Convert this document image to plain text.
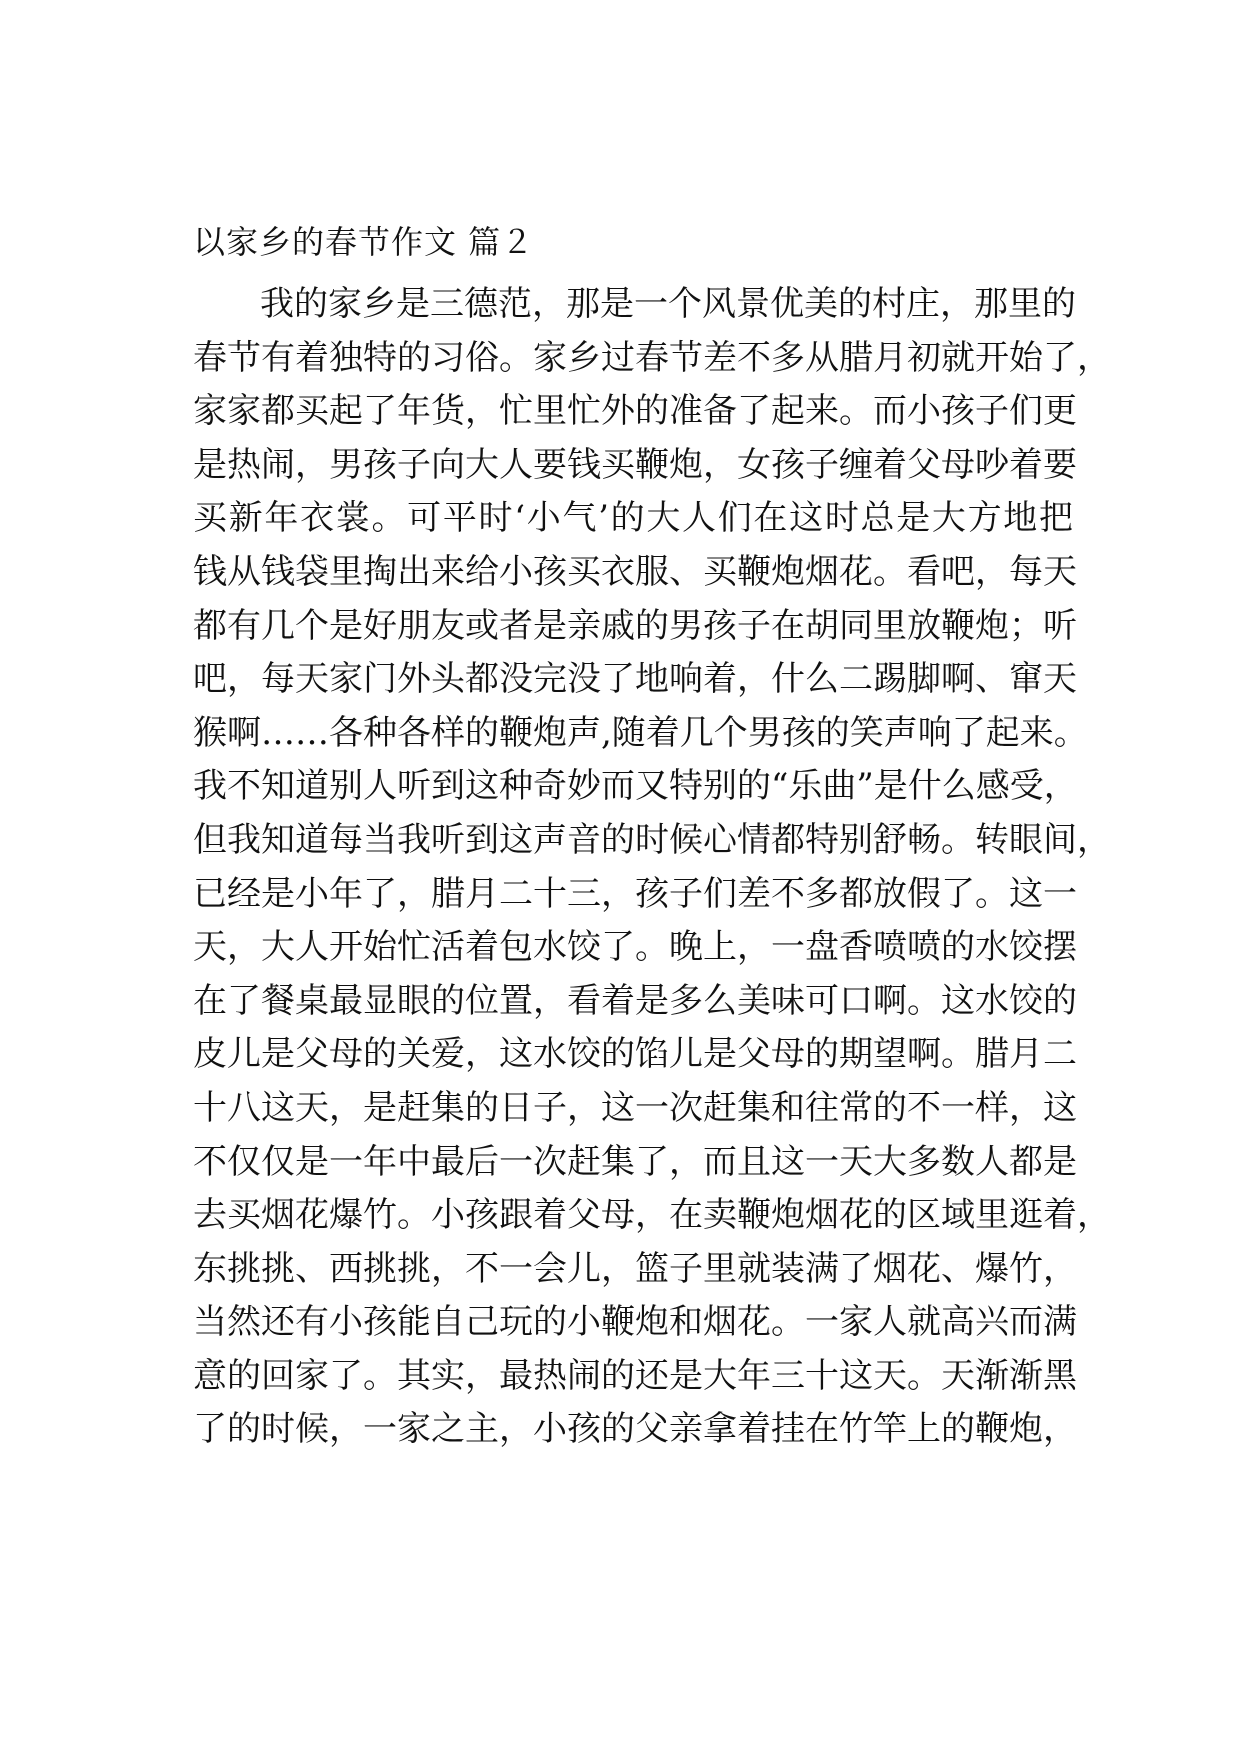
以家乡的春节作文 篇２
我的家乡是三德范，那是一个风景优美的村庄，那里的
春节有着独特的习俗。家乡过春节差不多从腊月初就开始了，
家家都买起了年货，忙里忙外的准备了起来。而小孩子们更
是热闹，男孩子向大人要钱买鞭炮，女孩子缠着父母吵着要
买新年衣裳。可平时‘小气’的大人们在这时总是大方地把
钱从钱袋里掏出来给小孩买衣服、买鞭炮烟花。看吧，每天
都有几个是好朋友或者是亲戚的男孩子在胡同里放鞭炮；听
吧，每天家门外头都没完没了地响着，什么二踢脚啊、窜天
猴啊……各种各样的鞭炮声,随着几个男孩的笑声响了起来。
我不知道别人听到这种奇妙而又特别的“乐曲”是什么感受，
但我知道每当我听到这声音的时候心情都特别舒畅。转眼间，
已经是小年了，腊月二十三，孩子们差不多都放假了。这一
天，大人开始忙活着包水饺了。晚上，一盘香喷喷的水饺摆
在了餐桌最显眼的位置，看着是多么美味可口啊。这水饺的
皮儿是父母的关爱，这水饺的馅儿是父母的期望啊。腊月二
十八这天，是赶集的日子，这一次赶集和往常的不一样，这
不仅仅是一年中最后一次赶集了，而且这一天大多数人都是
去买烟花爆竹。小孩跟着父母，在卖鞭炮烟花的区域里逛着，
东挑挑、西挑挑，不一会儿，篮子里就装满了烟花、爆竹，
当然还有小孩能自己玩的小鞭炮和烟花。一家人就高兴而满
意的回家了。其实，最热闹的还是大年三十这天。天渐渐黑
了的时候，一家之主，小孩的父亲拿着挂在竹竿上的鞭炮，
